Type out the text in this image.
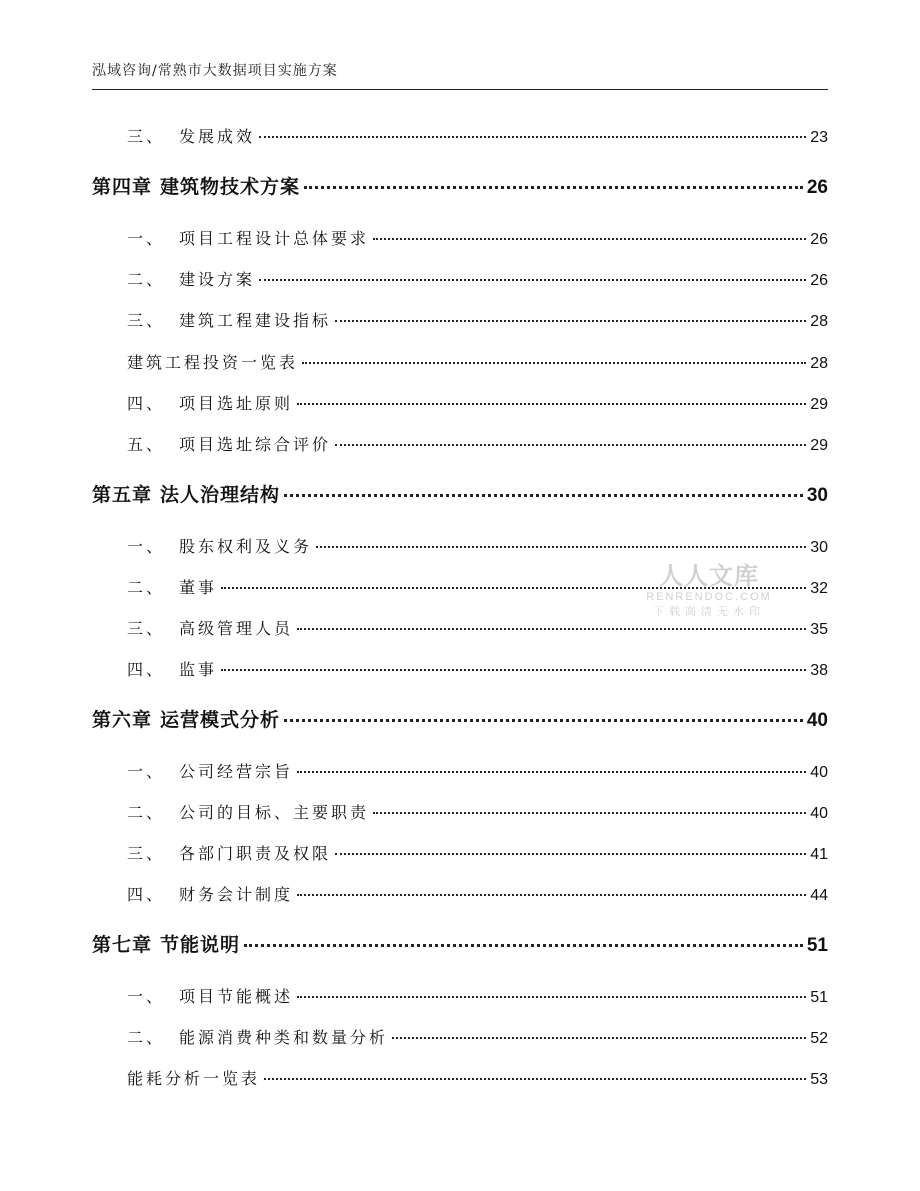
泓域咨询/常熟市大数据项目实施方案
三、 发展成效	23
第四章 建筑物技术方案	26
一、 项目工程设计总体要求	26
二、 建设方案	26
三、 建筑工程建设指标	28
建筑工程投资一览表	28
四、 项目选址原则	29
五、 项目选址综合评价	29
第五章 法人治理结构	30
一、 股东权利及义务	30
二、 董事	32
三、 高级管理人员	35
四、 监事	38
第六章 运营模式分析	40
一、 公司经营宗旨	40
二、 公司的目标、主要职责	40
三、 各部门职责及权限	41
四、 财务会计制度	44
第七章 节能说明	51
一、 项目节能概述	51
二、 能源消费种类和数量分析	52
能耗分析一览表	53
人人文库
RENRENDOC.COM
下载高清无水印
